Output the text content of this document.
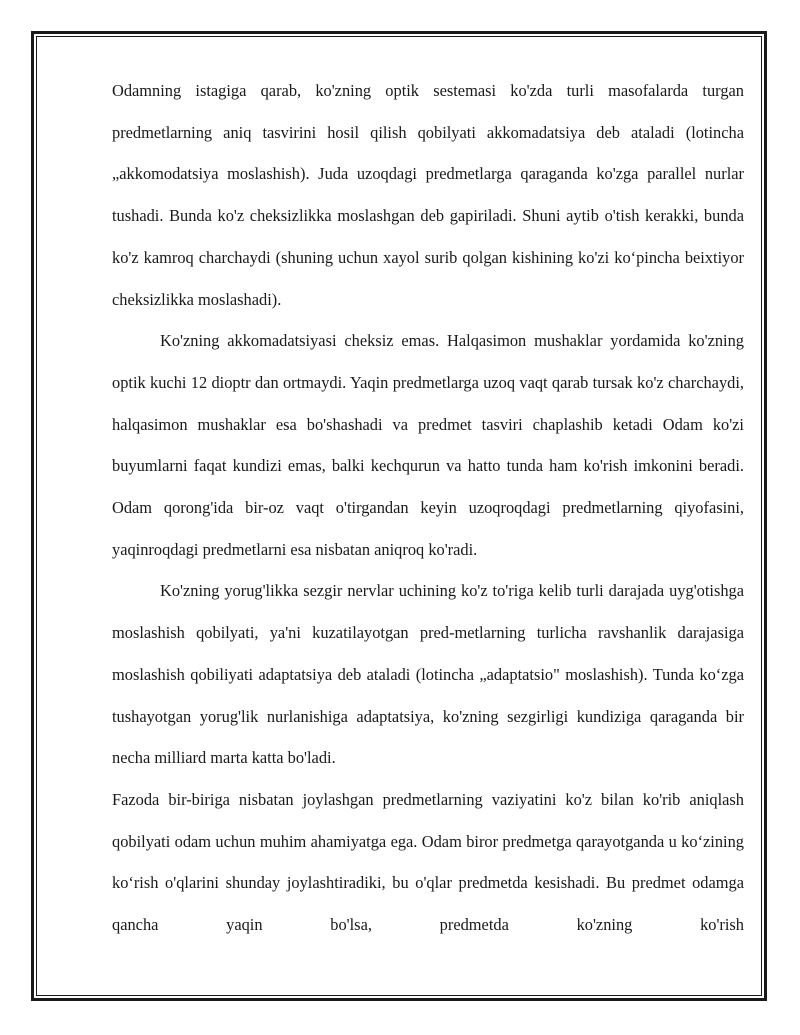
Odamning istagiga qarab, ko'zning optik sestemasi ko'zda turli masofalarda turgan predmetlarning aniq tasvirini hosil qilish qobilyati akkomadatsiya deb ataladi (lotincha „akkomodatsiya moslashish). Juda uzoqdagi predmetlarga qaraganda ko'zga parallel nurlar tushadi. Bunda ko'z cheksizlikka moslashgan deb gapiriladi. Shuni aytib o'tish kerakki, bunda ko'z kamroq charchaydi (shuning uchun xayol surib qolgan kishining ko'zi ko‘pincha beixtiyor cheksizlikka moslashadi).

Ko'zning akkomadatsiyasi cheksiz emas. Halqasimon mushaklar yordamida ko'zning optik kuchi 12 dioptr dan ortmaydi. Yaqin predmetlarga uzoq vaqt qarab tursak ko'z charchaydi, halqasimon mushaklar esa bo'shashadi va predmet tasviri chaplashib ketadi Odam ko'zi buyumlarni faqat kundizi emas, balki kechqurun va hatto tunda ham ko'rish imkonini beradi. Odam qorong'ida bir-oz vaqt o'tirgandan keyin uzoqroqdagi predmetlarning qiyofasini, yaqinroqdagi predmetlarni esa nisbatan aniqroq ko'radi.

Ko'zning yorug'likka sezgir nervlar uchining ko'z to'riga kelib turli darajada uyg'otishga moslashish qobilyati, ya'ni kuzatilayotgan pred-metlarning turlicha ravshanlik darajasiga moslashish qobiliyati adaptatsiya deb ataladi (lotincha „adaptatsio" moslashish). Tunda ko‘zga tushayotgan yorug'lik nurlanishiga adaptatsiya, ko'zning sezgirligi kundiziga qaraganda bir necha milliard marta katta bo'ladi.

Fazoda bir-biriga nisbatan joylashgan predmetlarning vaziyatini ko'z bilan ko'rib aniqlash qobilyati odam uchun muhim ahamiyatga ega. Odam biror predmetga qarayotganda u ko‘zining ko‘rish o'qlarini shunday joylashtiradiki, bu o'qlar predmetda kesishadi. Bu predmet odamga qancha yaqin bo'lsa, predmetda ko'zning ko'rish
